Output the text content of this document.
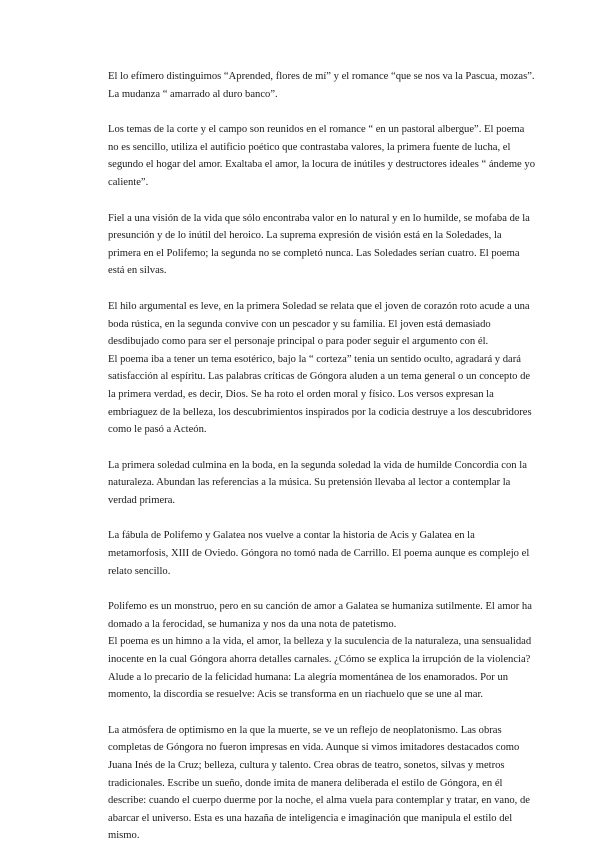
El lo efímero distinguimos “Aprended, flores de mí” y el romance “que se nos va la Pascua, mozas”. La mudanza “ amarrado al duro banco”.

Los temas de la corte y el campo son reunidos en el romance “ en un pastoral albergue”. El poema no es sencillo, utiliza el autificio poético que contrastaba valores, la primera fuente de lucha, el segundo el hogar del amor. Exaltaba el amor, la locura de inútiles y destructores ideales “ ándeme yo caliente”.

Fiel a una visión de la vida que sólo encontraba valor en lo natural y en lo humilde, se mofaba de la presunción y de lo inútil del heroico. La suprema expresión de visión está en la Soledades, la primera en el Polifemo; la segunda no se completó nunca. Las Soledades serían cuatro. El poema está en silvas.

El hilo argumental es leve, en la primera Soledad se relata que el joven de corazón roto acude a una boda rústica, en la segunda convive con un pescador y su familia. El joven está demasiado desdibujado como para ser el personaje principal o para poder seguir el argumento con él.
El poema iba a tener un tema esotérico, bajo la “ corteza” tenia un sentido oculto, agradará y dará satisfacción al espíritu. Las palabras críticas de Góngora aluden a un tema general o un concepto de la primera verdad, es decir, Dios. Se ha roto el orden moral y físico. Los versos expresan la embriaguez de la belleza, los descubrimientos inspirados por la codicia destruye a los descubridores como le pasó a Acteón.

La primera soledad culmina en la boda, en la segunda soledad la vida de humilde Concordia con la naturaleza. Abundan las referencias a la música. Su pretensión llevaba al lector a contemplar la verdad primera.

La fábula de Polifemo y Galatea nos vuelve a contar la historia de Acis y Galatea en la metamorfosis, XIII de Oviedo. Góngora no tomó nada de Carrillo. El poema aunque es complejo el relato sencillo.

Polifemo es un monstruo, pero en su canción de amor a Galatea se humaniza sutilmente. El amor ha domado a la ferocidad, se humaniza y nos da una nota de patetismo.
El poema es un himno a la vida, el amor, la belleza y la suculencia de la naturaleza, una sensualidad inocente en la cual Góngora ahorra detalles carnales. ¿Cómo se explica la irrupción de la violencia? Alude a lo precario de la felicidad humana: La alegría momentánea de los enamorados. Por un momento, la discordia se resuelve: Acis se transforma en un riachuelo que se une al mar.

La atmósfera de optimismo en la que la muerte, se ve un reflejo de neoplatonismo. Las obras completas de Góngora no fueron impresas en vida. Aunque si vimos imitadores destacados como Juana Inés de la Cruz; belleza, cultura y talento. Crea obras de teatro, sonetos, silvas y metros tradicionales. Escribe un sueño, donde imita de manera deliberada el estilo de Góngora, en él describe: cuando el cuerpo duerme por la noche, el alma vuela para contemplar y tratar, en vano, de abarcar el universo. Esta es una hazaña de inteligencia e imaginación que manipula el estilo del mismo.
